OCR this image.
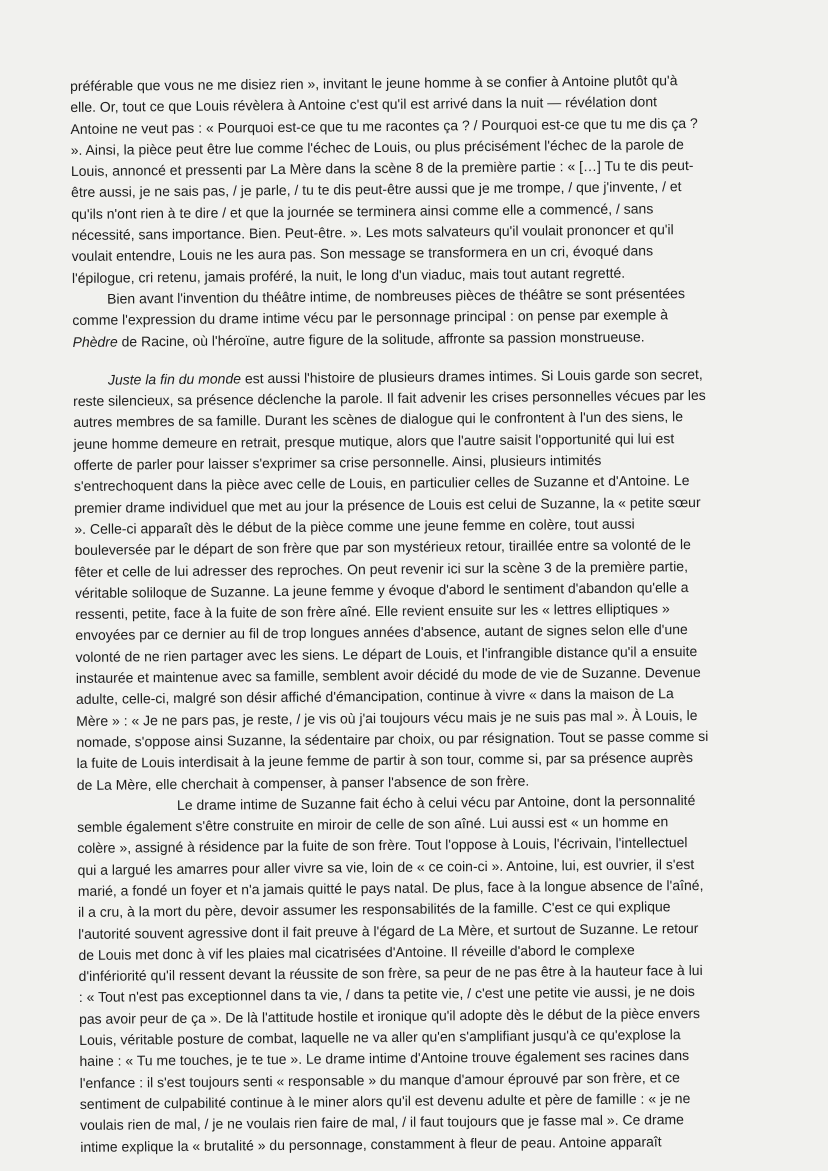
préférable que vous ne me disiez rien », invitant le jeune homme à se confier à Antoine plutôt qu'à
elle. Or, tout ce que Louis révèlera à Antoine c'est qu'il est arrivé dans la nuit — révélation dont
Antoine ne veut pas : « Pourquoi est-ce que tu me racontes ça ? / Pourquoi est-ce que tu me dis ça ?
». Ainsi, la pièce peut être lue comme l'échec de Louis, ou plus précisément l'échec de la parole de
Louis, annoncé et pressenti par La Mère dans la scène 8 de la première partie : « […] Tu te dis peut-
être aussi, je ne sais pas, / je parle, / tu te dis peut-être aussi que je me trompe, / que j'invente, / et
qu'ils n'ont rien à te dire / et que la journée se terminera ainsi comme elle a commencé, / sans
nécessité, sans importance. Bien. Peut-être. ». Les mots salvateurs qu'il voulait prononcer et qu'il
voulait entendre, Louis ne les aura pas. Son message se transformera en un cri, évoqué dans
l'épilogue, cri retenu, jamais proféré, la nuit, le long d'un viaduc, mais tout autant regretté.
Bien avant l'invention du théâtre intime, de nombreuses pièces de théâtre se sont présentées
comme l'expression du drame intime vécu par le personnage principal : on pense par exemple à
Phèdre de Racine, où l'héroïne, autre figure de la solitude, affronte sa passion monstrueuse.
Juste la fin du monde est aussi l'histoire de plusieurs drames intimes. Si Louis garde son secret,
reste silencieux, sa présence déclenche la parole. Il fait advenir les crises personnelles vécues par les
autres membres de sa famille. Durant les scènes de dialogue qui le confrontent à l'un des siens, le
jeune homme demeure en retrait, presque mutique, alors que l'autre saisit l'opportunité qui lui est
offerte de parler pour laisser s'exprimer sa crise personnelle. Ainsi, plusieurs intimités
s'entrechoquent dans la pièce avec celle de Louis, en particulier celles de Suzanne et d'Antoine. Le
premier drame individuel que met au jour la présence de Louis est celui de Suzanne, la « petite sœur
». Celle-ci apparaît dès le début de la pièce comme une jeune femme en colère, tout aussi
bouleversée par le départ de son frère que par son mystérieux retour, tiraillée entre sa volonté de le
fêter et celle de lui adresser des reproches. On peut revenir ici sur la scène 3 de la première partie,
véritable soliloque de Suzanne. La jeune femme y évoque d'abord le sentiment d'abandon qu'elle a
ressenti, petite, face à la fuite de son frère aîné. Elle revient ensuite sur les « lettres elliptiques »
envoyées par ce dernier au fil de trop longues années d'absence, autant de signes selon elle d'une
volonté de ne rien partager avec les siens. Le départ de Louis, et l'infrangible distance qu'il a ensuite
instaurée et maintenue avec sa famille, semblent avoir décidé du mode de vie de Suzanne. Devenue
adulte, celle-ci, malgré son désir affiché d'émancipation, continue à vivre « dans la maison de La
Mère » : « Je ne pars pas, je reste, / je vis où j'ai toujours vécu mais je ne suis pas mal ». À Louis, le
nomade, s'oppose ainsi Suzanne, la sédentaire par choix, ou par résignation. Tout se passe comme si
la fuite de Louis interdisait à la jeune femme de partir à son tour, comme si, par sa présence auprès
de La Mère, elle cherchait à compenser, à panser l'absence de son frère.
Le drame intime de Suzanne fait écho à celui vécu par Antoine, dont la personnalité
semble également s'être construite en miroir de celle de son aîné. Lui aussi est « un homme en
colère », assigné à résidence par la fuite de son frère. Tout l'oppose à Louis, l'écrivain, l'intellectuel
qui a largué les amarres pour aller vivre sa vie, loin de « ce coin-ci ». Antoine, lui, est ouvrier, il s'est
marié, a fondé un foyer et n'a jamais quitté le pays natal. De plus, face à la longue absence de l'aîné,
il a cru, à la mort du père, devoir assumer les responsabilités de la famille. C'est ce qui explique
l'autorité souvent agressive dont il fait preuve à l'égard de La Mère, et surtout de Suzanne. Le retour
de Louis met donc à vif les plaies mal cicatrisées d'Antoine. Il réveille d'abord le complexe
d'infériorité qu'il ressent devant la réussite de son frère, sa peur de ne pas être à la hauteur face à lui
: « Tout n'est pas exceptionnel dans ta vie, / dans ta petite vie, / c'est une petite vie aussi, je ne dois
pas avoir peur de ça ». De là l'attitude hostile et ironique qu'il adopte dès le début de la pièce envers
Louis, véritable posture de combat, laquelle ne va aller qu'en s'amplifiant jusqu'à ce qu'explose la
haine : « Tu me touches, je te tue ». Le drame intime d'Antoine trouve également ses racines dans
l'enfance : il s'est toujours senti « responsable » du manque d'amour éprouvé par son frère, et ce
sentiment de culpabilité continue à le miner alors qu'il est devenu adulte et père de famille : « je ne
voulais rien de mal, / je ne voulais rien faire de mal, / il faut toujours que je fasse mal ». Ce drame
intime explique la « brutalité » du personnage, constamment à fleur de peau. Antoine apparaît
